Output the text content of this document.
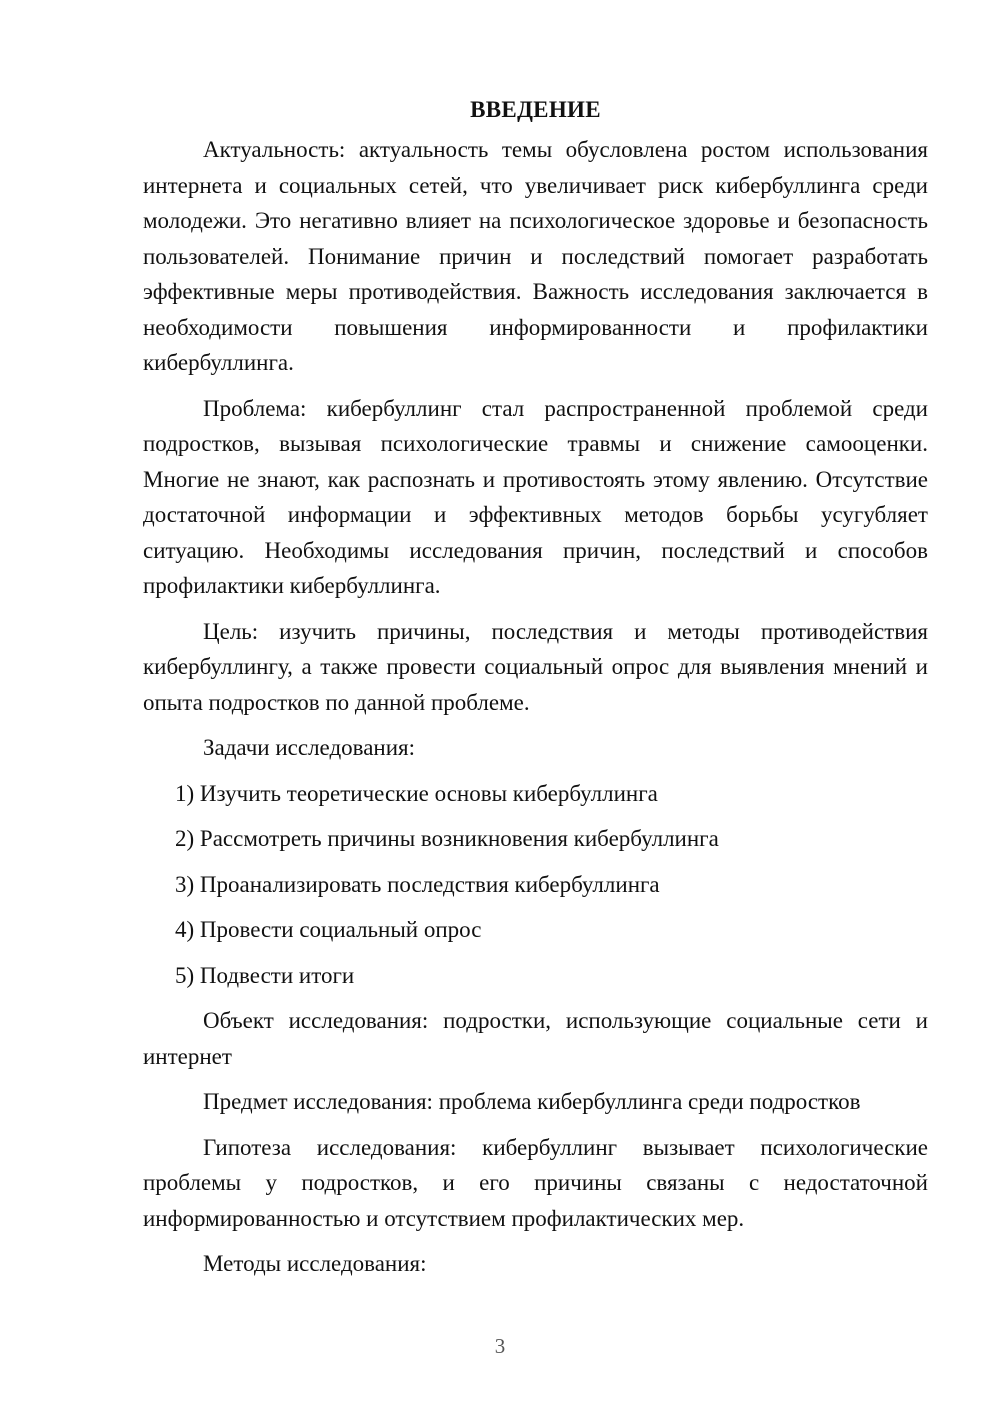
ВВЕДЕНИЕ

Актуальность: актуальность темы обусловлена ростом использования интернета и социальных сетей, что увеличивает риск кибербуллинга среди молодежи. Это негативно влияет на психологическое здоровье и безопасность пользователей. Понимание причин и последствий помогает разработать эффективные меры противодействия. Важность исследования заключается в необходимости повышения информированности и профилактики кибербуллинга.

Проблема: кибербуллинг стал распространенной проблемой среди подростков, вызывая психологические травмы и снижение самооценки. Многие не знают, как распознать и противостоять этому явлению. Отсутствие достаточной информации и эффективных методов борьбы усугубляет ситуацию. Необходимы исследования причин, последствий и способов профилактики кибербуллинга.

Цель: изучить причины, последствия и методы противодействия кибербуллингу, а также провести социальный опрос для выявления мнений и опыта подростков по данной проблеме.

Задачи исследования:

1) Изучить теоретические основы кибербуллинга
2) Рассмотреть причины возникновения кибербуллинга
3) Проанализировать последствия кибербуллинга
4) Провести социальный опрос
5) Подвести итоги

Объект исследования: подростки, использующие социальные сети и интернет

Предмет исследования: проблема кибербуллинга среди подростков

Гипотеза исследования: кибербуллинг вызывает психологические проблемы у подростков, и его причины связаны с недостаточной информированностью и отсутствием профилактических мер.

Методы исследования:

3
